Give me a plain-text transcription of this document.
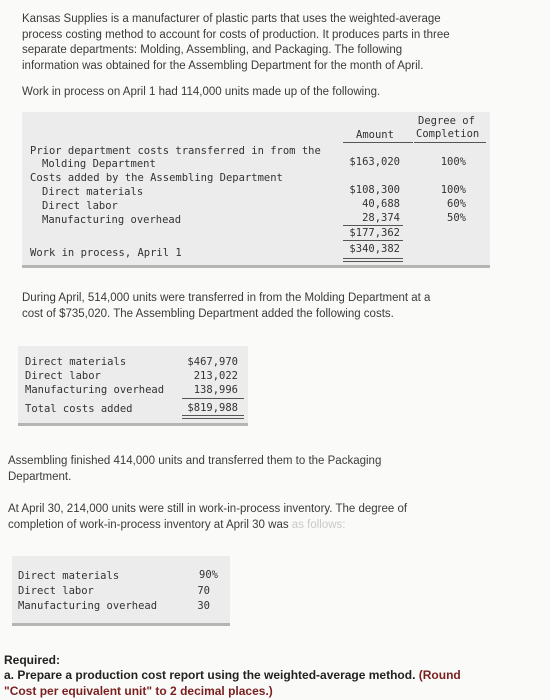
Kansas Supplies is a manufacturer of plastic parts that uses the weighted-average
process costing method to account for costs of production. It produces parts in three
separate departments: Molding, Assembling, and Packaging. The following
information was obtained for the Assembling Department for the month of April.
Work in process on April 1 had 114,000 units made up of the following.
Amount
Degree of
Completion
Prior department costs transferred in from the
Molding Department	$163,020	100%
Costs added by the Assembling Department
Direct materials	$108,300	100%
Direct labor	40,688	60%
Manufacturing overhead	28,374	50%
$177,362
Work in process, April 1	$340,382
During April, 514,000 units were transferred in from the Molding Department at a
cost of $735,020. The Assembling Department added the following costs.
Direct materials	$467,970
Direct labor	213,022
Manufacturing overhead	138,996
Total costs added	$819,988
Assembling finished 414,000 units and transferred them to the Packaging
Department.
At April 30, 214,000 units were still in work-in-process inventory. The degree of
completion of work-in-process inventory at April 30 was as follows:
Direct materials	90%
Direct labor	70
Manufacturing overhead	30
Required:
a. Prepare a production cost report using the weighted-average method. (Round
"Cost per equivalent unit" to 2 decimal places.)
